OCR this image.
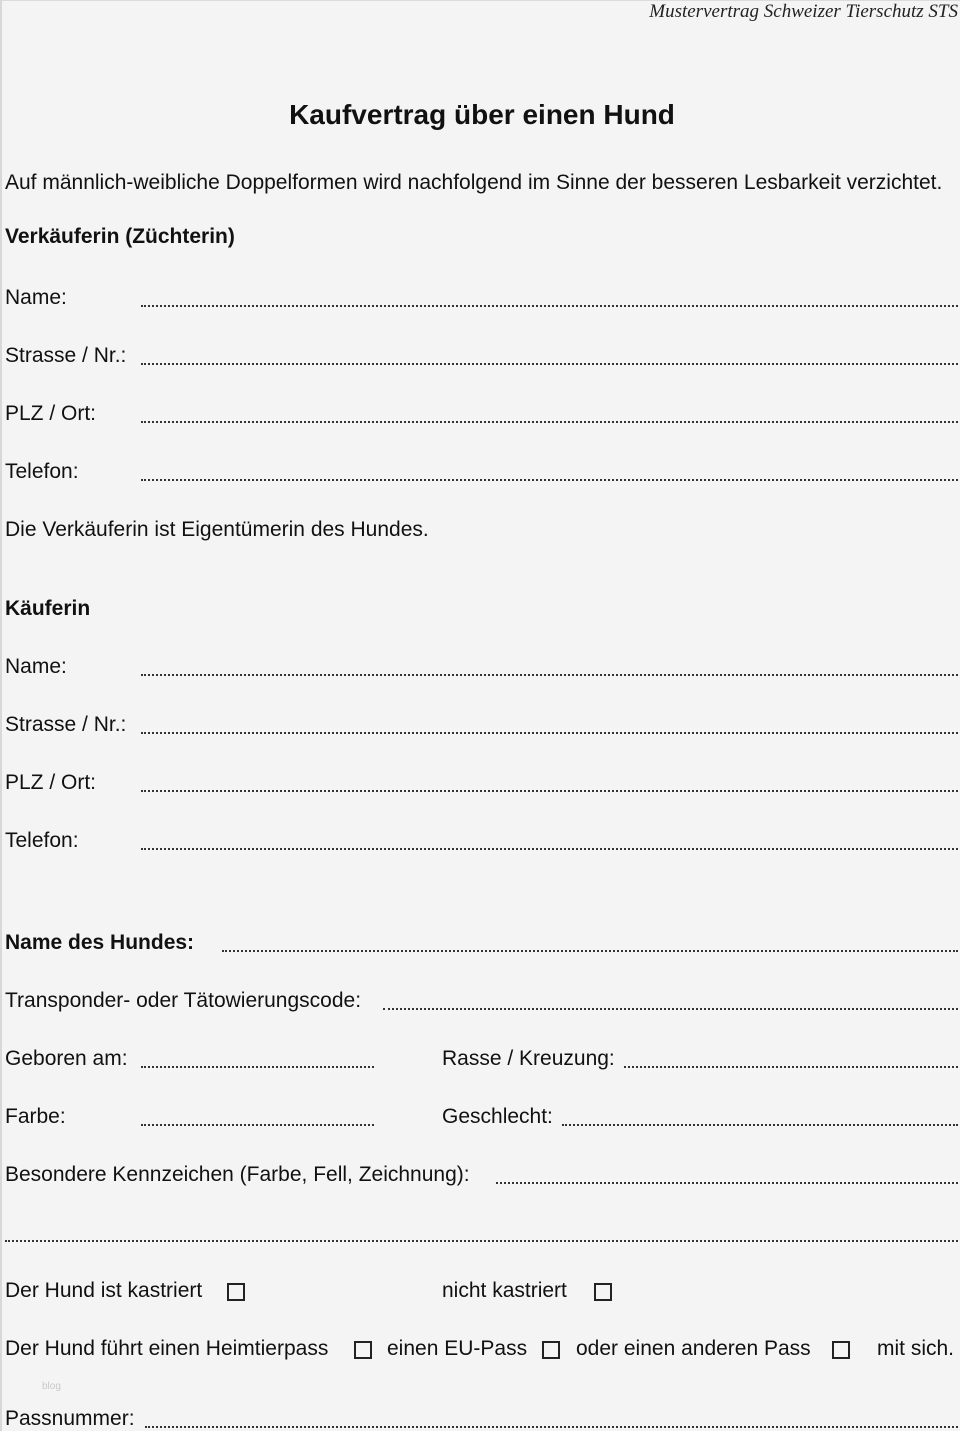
Mustervertrag Schweizer Tierschutz STS
Kaufvertrag über einen Hund
Auf männlich-weibliche Doppelformen wird nachfolgend im Sinne der besseren Lesbarkeit verzichtet.
Verkäuferin (Züchterin)
Name:
Strasse / Nr.:
PLZ / Ort:
Telefon:
Die Verkäuferin ist Eigentümerin des Hundes.
Käuferin
Name:
Strasse / Nr.:
PLZ / Ort:
Telefon:
Name des Hundes:
Transponder- oder Tätowierungscode:
Geboren am:	Rasse / Kreuzung:
Farbe:	Geschlecht:
Besondere Kennzeichen (Farbe, Fell, Zeichnung):
Der Hund ist kastriert	nicht kastriert
Der Hund führt einen Heimtierpass	einen EU-Pass oder einen anderen Pass	mit sich.
blog
Passnummer:
